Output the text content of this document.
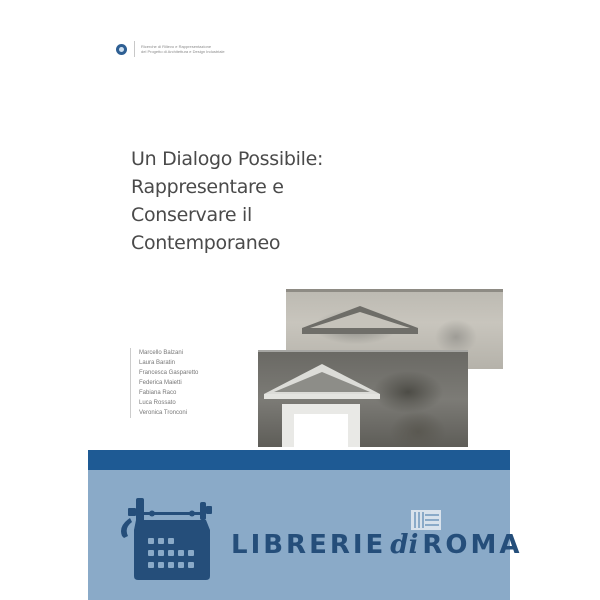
Ricerche di Rilievo e Rappresentazione
del Progetto di Architettura e Design Industriale
Un Dialogo Possibile:
Rappresentare e
Conservare il
Contemporaneo
Marcello Balzani
Laura Baratin
Francesca Gasparetto
Federica Maietti
Fabiana Raco
Luca Rossato
Veronica Tronconi
LIBRERIE di ROMA
